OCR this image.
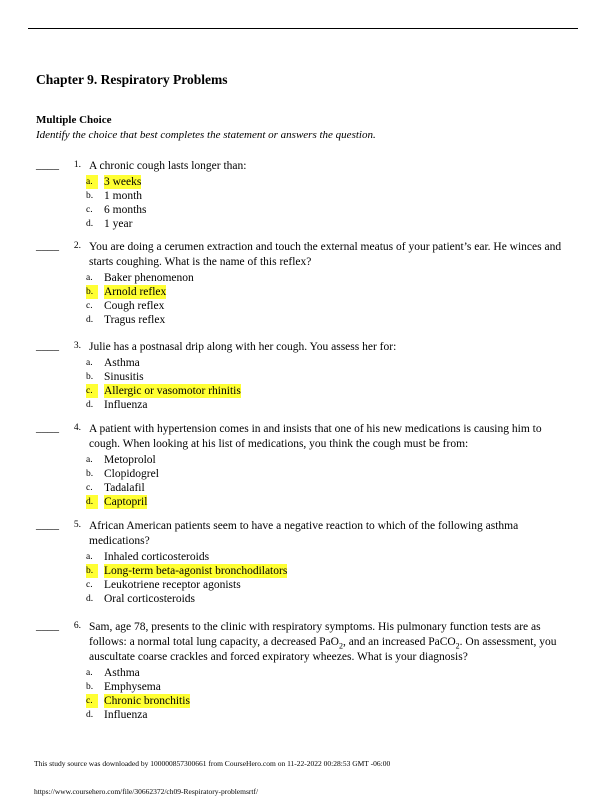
Chapter 9. Respiratory Problems
Multiple Choice
Identify the choice that best completes the statement or answers the question.
____	1. A chronic cough lasts longer than:
a. 3 weeks
b. 1 month
c. 6 months
d. 1 year
____	2. You are doing a cerumen extraction and touch the external meatus of your patient’s ear. He winces and starts coughing. What is the name of this reflex?
a. Baker phenomenon
b. Arnold reflex
c. Cough reflex
d. Tragus reflex
____	3. Julie has a postnasal drip along with her cough. You assess her for:
a. Asthma
b. Sinusitis
c. Allergic or vasomotor rhinitis
d. Influenza
____	4. A patient with hypertension comes in and insists that one of his new medications is causing him to cough. When looking at his list of medications, you think the cough must be from:
a. Metoprolol
b. Clopidogrel
c. Tadalafil
d. Captopril
____	5. African American patients seem to have a negative reaction to which of the following asthma medications?
a. Inhaled corticosteroids
b. Long-term beta-agonist bronchodilators
c. Leukotriene receptor agonists
d. Oral corticosteroids
____	6. Sam, age 78, presents to the clinic with respiratory symptoms. His pulmonary function tests are as follows: a normal total lung capacity, a decreased PaO$_2$, and an increased PaCO$_2$. On assessment, you auscultate coarse crackles and forced expiratory wheezes. What is your diagnosis?
a. Asthma
b. Emphysema
c. Chronic bronchitis
d. Influenza
This study source was downloaded by 100000857300661 from CourseHero.com on 11-22-2022 00:28:53 GMT -06:00
https://www.coursehero.com/file/30662372/ch09-Respiratory-problemsrtf/
